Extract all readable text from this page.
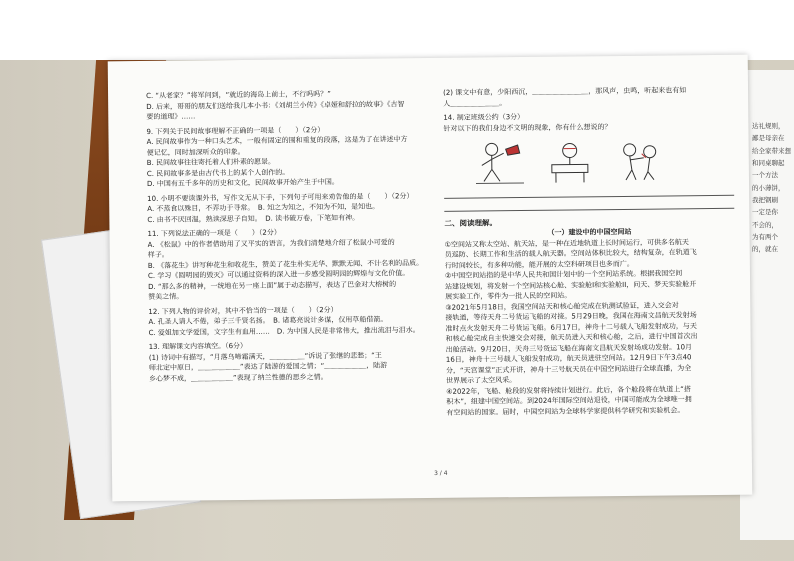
达礼规则，
鄙是母亲在
给全家带来想
和同桌聊起
一个方法
的小薄饼，
我把钢刷
一定是你
不会的，
为有两个
的，就在
C. “从老家？”将军问到，“就近的海岛上前士，不行吗吗？”
D. 后来，哥哥的朋友们送给我几本小书：《刘胡兰小传》《卓娅和舒拉的故事》《古智
要的道理》……
9. 下列关于民间故事理解不正确的一项是（　　）（2分）
A. 民间故事作为一种口头艺术，一般有固定的围和重复的段落，这是为了在讲述中方
便记忆，同时加深听众的印象。
B. 民间故事往往寄托着人们朴素的愿景。
C. 民间故事多是由古代书上的某个人创作的。
D. 中国有五千多年的历史和文化，民间故事开始产生于中国。
10. 小明不要读课外书，写作文无从下手，下列句子可用来劝告他的是（　　）（2分）
A. 不蒸食以殊目，不弄功于寻常。　B. 知之为知之，不知为不知，是知也。
C. 由书不厌回温，熟读深思子自知。　D. 读书破万卷，下笔如有神。
11. 下列说法正确的一项是（　　）（2分）
A. 《松鼠》中的作者借助用了又平实的语言，为我们清楚地介绍了松鼠小可爱的
样子。
B. 《落花生》讲写种花生和收花生，赞美了花生朴实无华、默默无闻、不计名利的品质。
C. 学习《圆明园的毁灭》可以通过资料的深入进一步感受圆明园的辉煌与文化价值。
D. “那么多的精神，一统地在另一座上面”属于动态描写，表达了巴金对大榕树的
赞美之情。
12. 下列人物的评价对，其中不恰当的一项是（　　）（2分）
A. 孔圣人请人不倦，弟子三千贤名扬。　B. 诸葛亮说计多谋，仅用草船借箭。
C. 爱姐加文学爱国，文字生有血用……　D. 为中国人民是非常伟大，推出流泪与泪水。
13. 理解课文内容填空。（6分）
(1) 诗词中有描写，“月落乌啼霜满天，＿＿＿＿＿”诉说了张继的悲愁；“王
师北定中原日，＿＿＿＿＿＿”表达了陆游的爱国之情；“＿＿＿＿＿＿，陆游
乡心梦不成，＿＿＿＿＿＿”表现了纳兰性德的思乡之情。
(2) 课文中有意，少阳西沉，＿＿＿＿＿＿＿＿，那风声，虫鸣，听起来也有如
人＿＿＿＿＿＿＿。
14. 制定班级公约（3分）
针对以下的我们身边不文明的现象，你有什么想说的？
二、阅读理解。
（一）建设中的中国空间站
①空间站又称太空站、航天站，是一种在近地轨道上长时间运行，可供多名航天
员巡防、长期工作和生活的载人航天器。空间站体积比较大，结构复杂，在轨道飞
行时间较长，有多种功能，能开展的太空科研项目也多而广。
②中国空间站指的是中华人民共和国计划中的一个空间站系统。根据我国空间
站建设规划，将发射一个空间站核心舱、实验舱I和实验舱II，问天、梦天实验舱开
展实验工作，零件为一批人民的空间站。
③2021年5月18日，我国空间站天和核心舱完成在轨测试验证，进入交会对
接轨道，等待天舟二号货运飞船的对接。5月29日晚，我国在海南文昌航天发射场
准时点火发射天舟二号货运飞船。6月17日，神舟十二号载人飞船发射成功，与天
和核心舱完成自主快速交会对接，航天员进入天和核心舱，之后，进行中国首次出
出舱活动。9月20日，天舟三号货运飞船在海南文昌航天发射场成功发射。10月
16日，神舟十三号载人飞船发射成功，航天员进驻空间站。12月9日下午3点40
分，“天宫课堂”正式开讲，神舟十三号航天员在中国空间站进行全球直播，为全
世界展示了太空风采。
④2022年，飞船、舱段的发射将持续计划进行。此后，各个舱段将在轨道上“搭
积木”，组建中国空间站。到2024年国际空间站退役，中国可能成为全球唯一拥
有空间站的国家。届时，中国空间站为全球科学家提供科学研究和实验机会。
3 / 4
